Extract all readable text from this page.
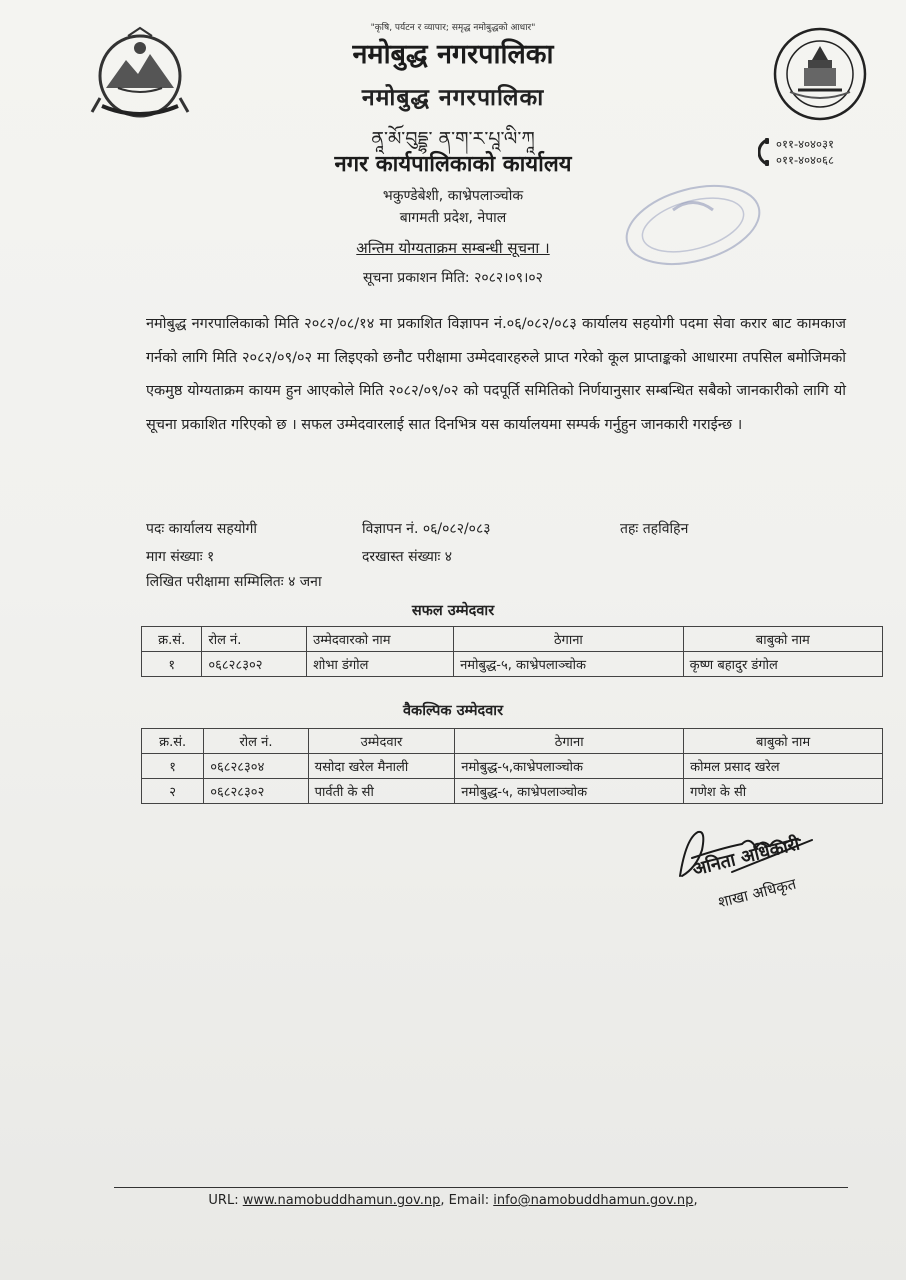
"कृषि, पर्यटन र व्यापार; समृद्ध नमोबुद्धको आधार"
नमोबुद्ध नगरपालिका
नमोबुद्ध नगरपालिका
ནཱ་མོ་བུདྡྷ་ ན་ག་ར་པཱ་ལི་ཀཱ
नगर कार्यपालिकाको कार्यालय
भकुण्डेबेशी, काभ्रेपलाञ्चोक
बागमती प्रदेश, नेपाल
अन्तिम योग्यताक्रम सम्बन्धी सूचना ।
सूचना प्रकाशन मिति: २०८२।०९।०२
०११-४०४०३१
०११-४०४०६८
नमोबुद्ध नगरपालिकाको मिति २०८२/०८/१४ मा प्रकाशित विज्ञापन नं.०६/०८२/०८३ कार्यालय सहयोगी पदमा सेवा करार बाट कामकाज गर्नको लागि मिति २०८२/०९/०२ मा लिइएको छनौट परीक्षामा उम्मेदवारहरुले प्राप्त गरेको कूल प्राप्ताङ्कको आधारमा तपसिल बमोजिमको एकमुष्ठ योग्यताक्रम कायम हुन आएकोले मिति २०८२/०९/०२ को पदपूर्ति समितिको निर्णयानुसार सम्बन्धित सबैको जानकारीको लागि यो सूचना प्रकाशित गरिएको छ । सफल उम्मेदवारलाई सात दिनभित्र यस कार्यालयमा सम्पर्क गर्नुहुन जानकारी गराईन्छ ।
पदः कार्यालय सहयोगी	विज्ञापन नं. ०६/०८२/०८३	तहः तहविहिन
माग संख्याः १	दरखास्त संख्याः ४
लिखित परीक्षामा सम्मिलितः ४ जना
सफल उम्मेदवार
क्र.सं.	रोल नं.	उम्मेदवारको नाम	ठेगाना	बाबुको नाम
१	०६८२८३०२	शोभा डंगोल	नमोबुद्ध-५, काभ्रेपलाञ्चोक	कृष्ण बहादुर डंगोल
वैकल्पिक उम्मेदवार
क्र.सं.	रोल नं.	उम्मेदवार	ठेगाना	बाबुको नाम
१	०६८२८३०४	यसोदा खरेल मैनाली	नमोबुद्ध-५,काभ्रेपलाञ्चोक	कोमल प्रसाद खरेल
२	०६८२८३०२	पार्वती के सी	नमोबुद्ध-५, काभ्रेपलाञ्चोक	गणेश के सी
अनिता अधिकारी
शाखा अधिकृत
URL: www.namobuddhamun.gov.np, Email: info@namobuddhamun.gov.np,
